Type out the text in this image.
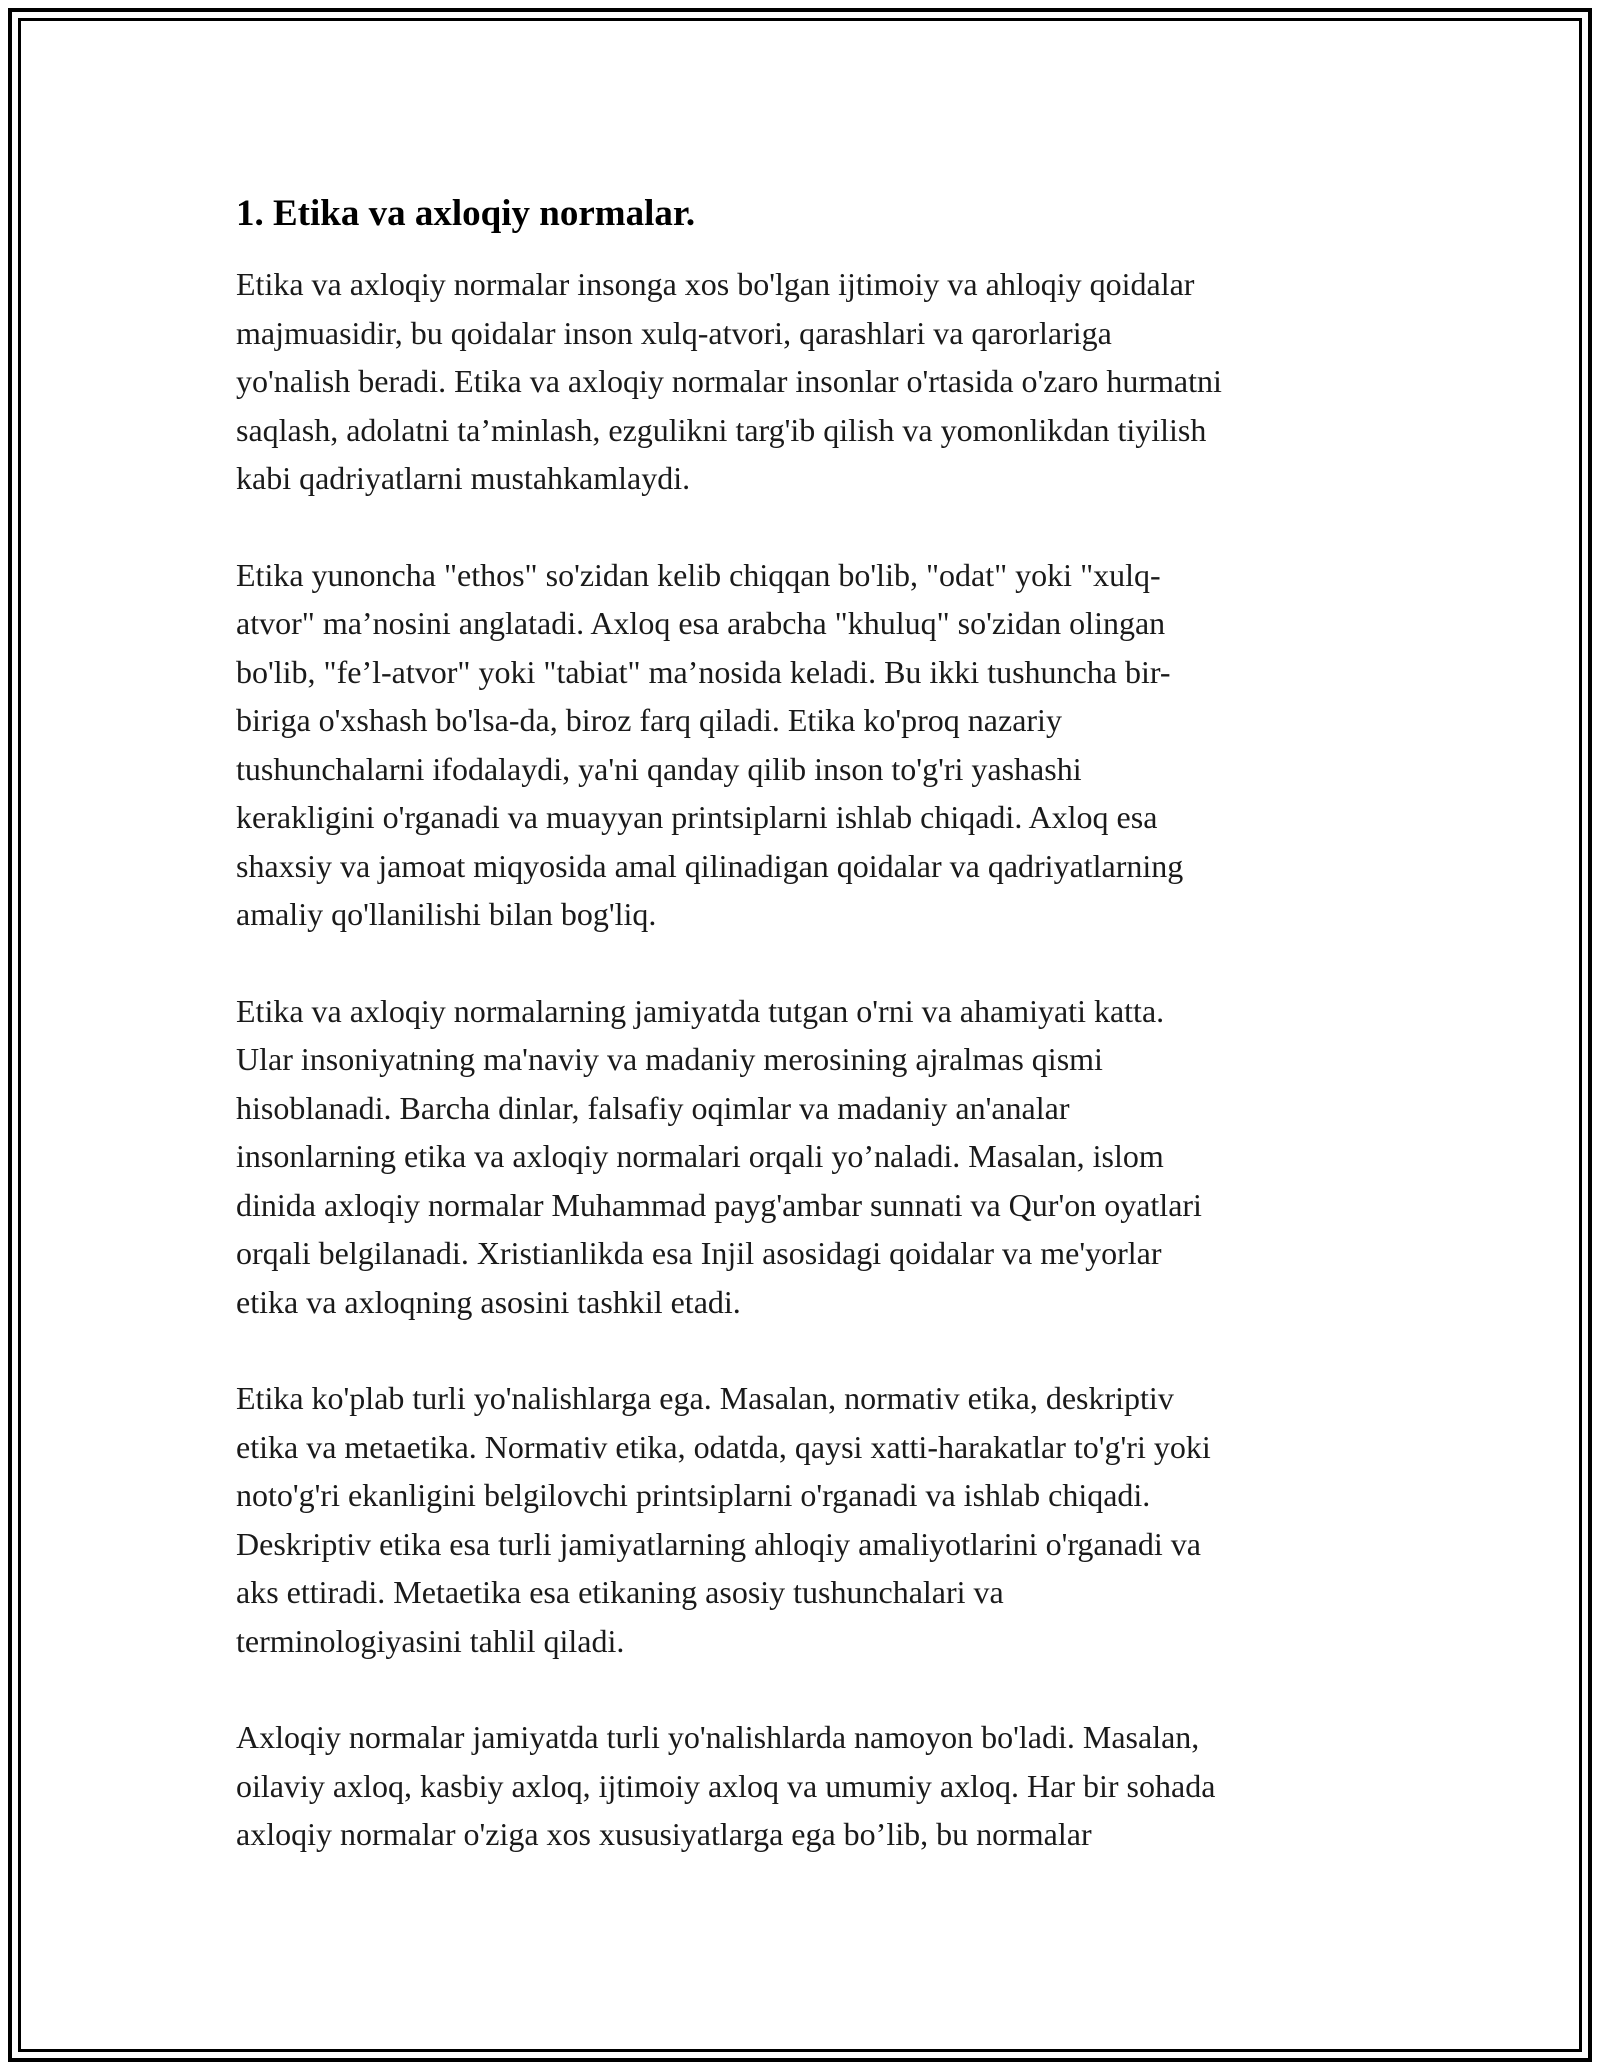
1. Etika va axloqiy normalar.

Etika va axloqiy normalar insonga xos bo'lgan ijtimoiy va ahloqiy qoidalar
majmuasidir, bu qoidalar inson xulq-atvori, qarashlari va qarorlariga
yo'nalish beradi. Etika va axloqiy normalar insonlar o'rtasida o'zaro hurmatni
saqlash, adolatni ta’minlash, ezgulikni targ'ib qilish va yomonlikdan tiyilish
kabi qadriyatlarni mustahkamlaydi.

Etika yunoncha "ethos" so'zidan kelib chiqqan bo'lib, "odat" yoki "xulq-
atvor" ma’nosini anglatadi. Axloq esa arabcha "khuluq" so'zidan olingan
bo'lib, "fe’l-atvor" yoki "tabiat" ma’nosida keladi. Bu ikki tushuncha bir-
biriga o'xshash bo'lsa-da, biroz farq qiladi. Etika ko'proq nazariy
tushunchalarni ifodalaydi, ya'ni qanday qilib inson to'g'ri yashashi
kerakligini o'rganadi va muayyan printsiplarni ishlab chiqadi. Axloq esa
shaxsiy va jamoat miqyosida amal qilinadigan qoidalar va qadriyatlarning
amaliy qo'llanilishi bilan bog'liq.

Etika va axloqiy normalarning jamiyatda tutgan o'rni va ahamiyati katta.
Ular insoniyatning ma'naviy va madaniy merosining ajralmas qismi
hisoblanadi. Barcha dinlar, falsafiy oqimlar va madaniy an'analar
insonlarning etika va axloqiy normalari orqali yo’naladi. Masalan, islom
dinida axloqiy normalar Muhammad payg'ambar sunnati va Qur'on oyatlari
orqali belgilanadi. Xristianlikda esa Injil asosidagi qoidalar va me'yorlar
etika va axloqning asosini tashkil etadi.

Etika ko'plab turli yo'nalishlarga ega. Masalan, normativ etika, deskriptiv
etika va metaetika. Normativ etika, odatda, qaysi xatti-harakatlar to'g'ri yoki
noto'g'ri ekanligini belgilovchi printsiplarni o'rganadi va ishlab chiqadi.
Deskriptiv etika esa turli jamiyatlarning ahloqiy amaliyotlarini o'rganadi va
aks ettiradi. Metaetika esa etikaning asosiy tushunchalari va
terminologiyasini tahlil qiladi.

Axloqiy normalar jamiyatda turli yo'nalishlarda namoyon bo'ladi. Masalan,
oilaviy axloq, kasbiy axloq, ijtimoiy axloq va umumiy axloq. Har bir sohada
axloqiy normalar o'ziga xos xususiyatlarga ega bo’lib, bu normalar
